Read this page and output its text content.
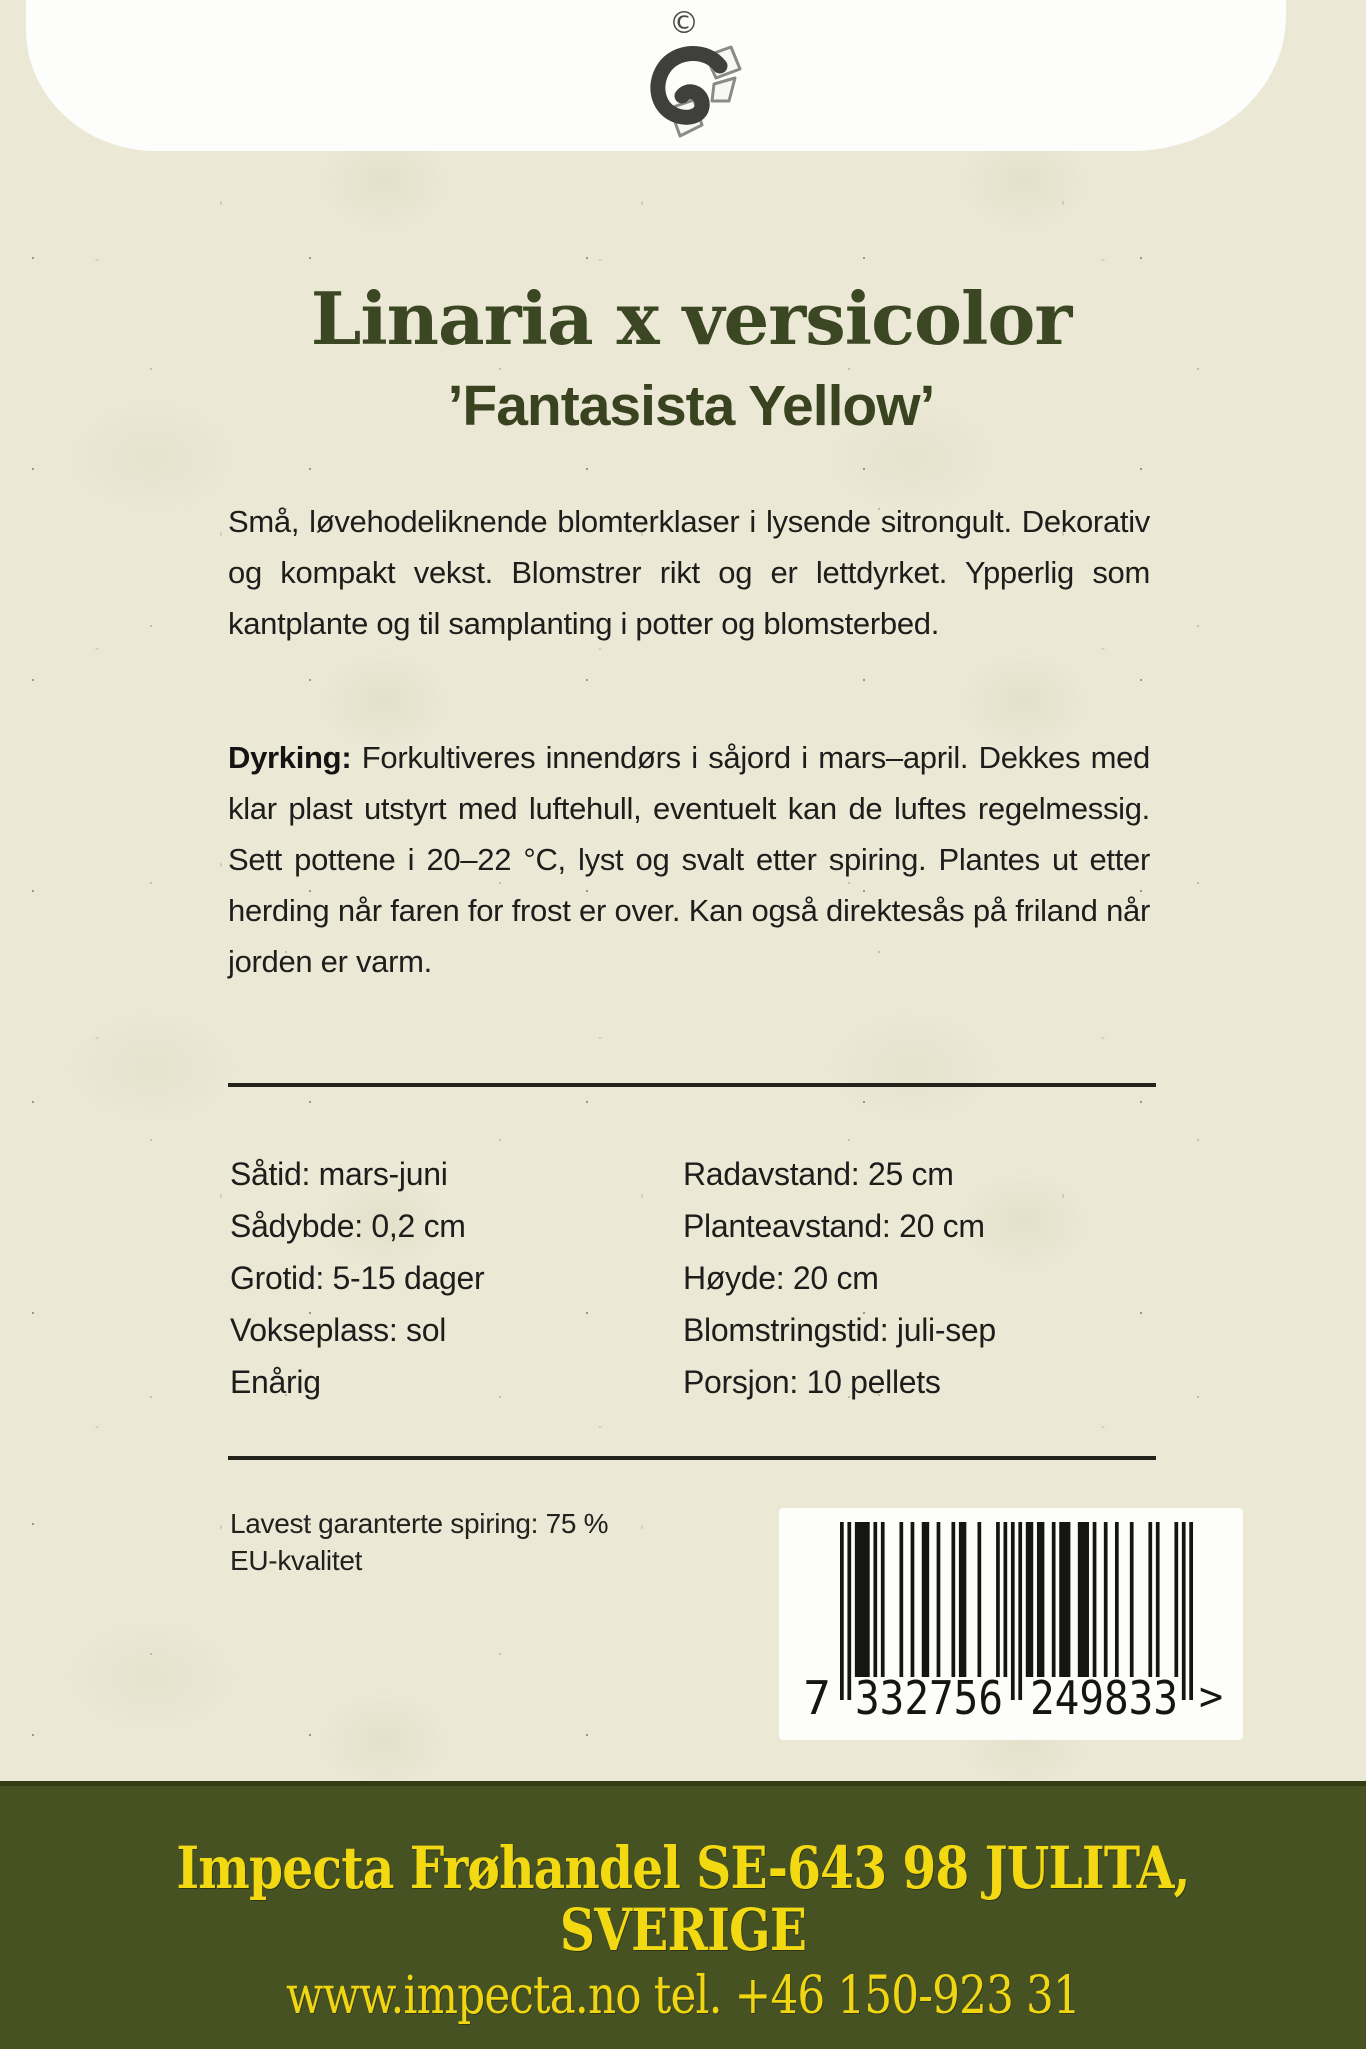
©
Linaria x versicolor
’Fantasista Yellow’

Små, løvehodeliknende blomterklaser i lysende sitrongult. Dekorativ og kompakt vekst. Blomstrer rikt og er lettdyrket. Ypperlig som kantplante og til samplanting i potter og blomsterbed.

Dyrking: Forkultiveres innendørs i såjord i mars–april. Dekkes med klar plast utstyrt med luftehull, eventuelt kan de luftes regelmessig. Sett pottene i 20–22 °C, lyst og svalt etter spiring. Plantes ut etter herding når faren for frost er over. Kan også direktesås på friland når jorden er varm.

Såtid: mars-juni
Sådybde: 0,2 cm
Grotid: 5-15 dager
Vokseplass: sol
Enårig
Radavstand: 25 cm
Planteavstand: 20 cm
Høyde: 20 cm
Blomstringstid: juli-sep
Porsjon: 10 pellets
Lavest garanterte spiring: 75 %
EU-kvalitet
7 332756 249833 >
Impecta Frøhandel SE-643 98 JULITA, SVERIGE
www.impecta.no tel. +46 150-923 31
